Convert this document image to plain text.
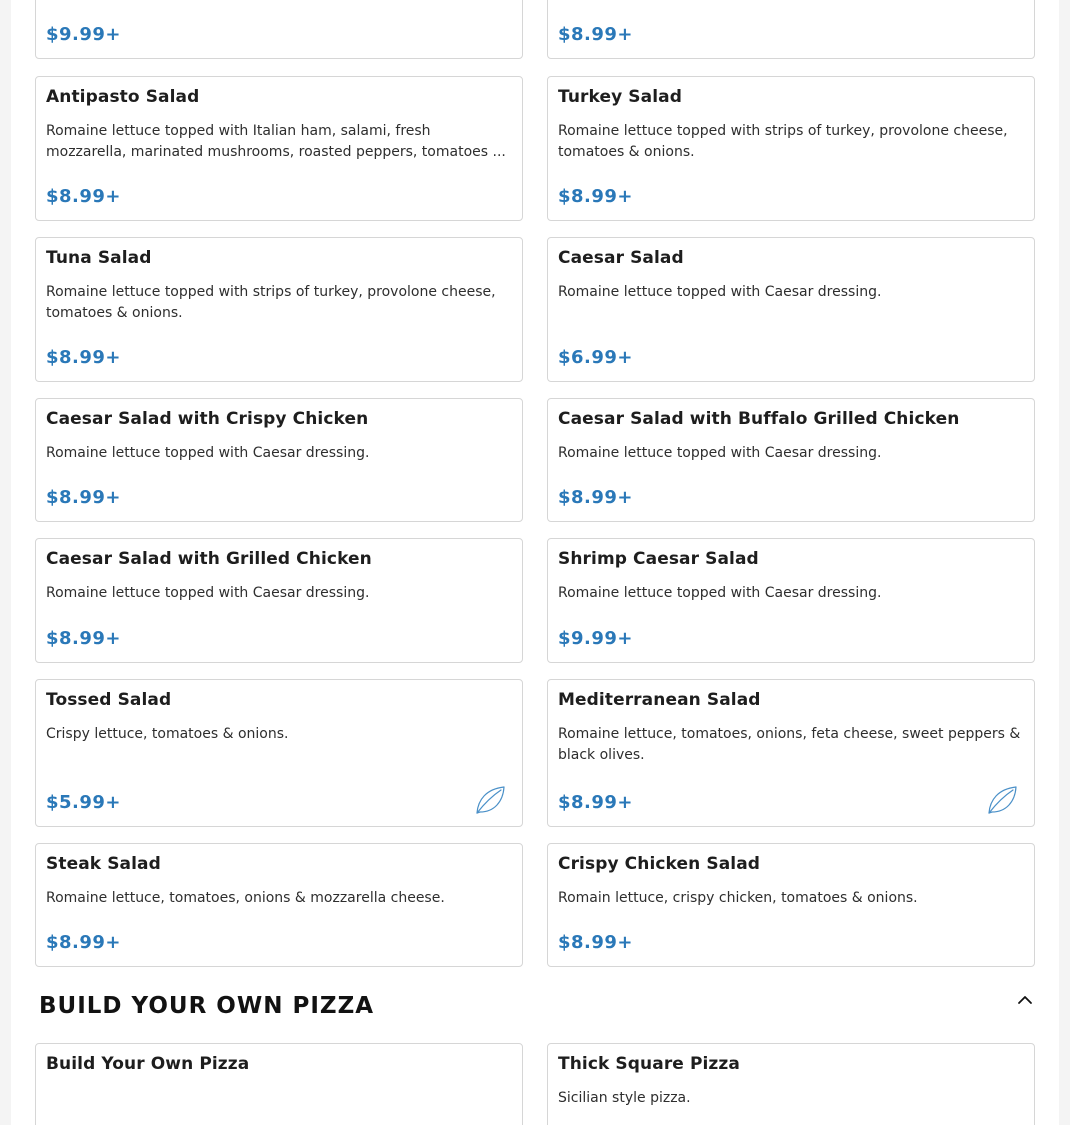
$9.99+	$8.99+
Antipasto Salad
Romaine lettuce topped with Italian ham, salami, fresh
mozzarella, marinated mushrooms, roasted peppers, tomatoes ...
$8.99+
Turkey Salad
Romaine lettuce topped with strips of turkey, provolone cheese, tomatoes & onions.
$8.99+
Tuna Salad
Romaine lettuce topped with strips of turkey, provolone cheese, tomatoes & onions.
$8.99+
Caesar Salad
Romaine lettuce topped with Caesar dressing.
$6.99+
Caesar Salad with Crispy Chicken
Romaine lettuce topped with Caesar dressing.
$8.99+
Caesar Salad with Buffalo Grilled Chicken
Romaine lettuce topped with Caesar dressing.
$8.99+
Caesar Salad with Grilled Chicken
Romaine lettuce topped with Caesar dressing.
$8.99+
Shrimp Caesar Salad
Romaine lettuce topped with Caesar dressing.
$9.99+
Tossed Salad
Crispy lettuce, tomatoes & onions.
$5.99+
Mediterranean Salad
Romaine lettuce, tomatoes, onions, feta cheese, sweet peppers & black olives.
$8.99+
Steak Salad
Romaine lettuce, tomatoes, onions & mozzarella cheese.
$8.99+
Crispy Chicken Salad
Romain lettuce, crispy chicken, tomatoes & onions.
$8.99+
BUILD YOUR OWN PIZZA
Build Your Own Pizza	Thick Square Pizza
Sicilian style pizza.
